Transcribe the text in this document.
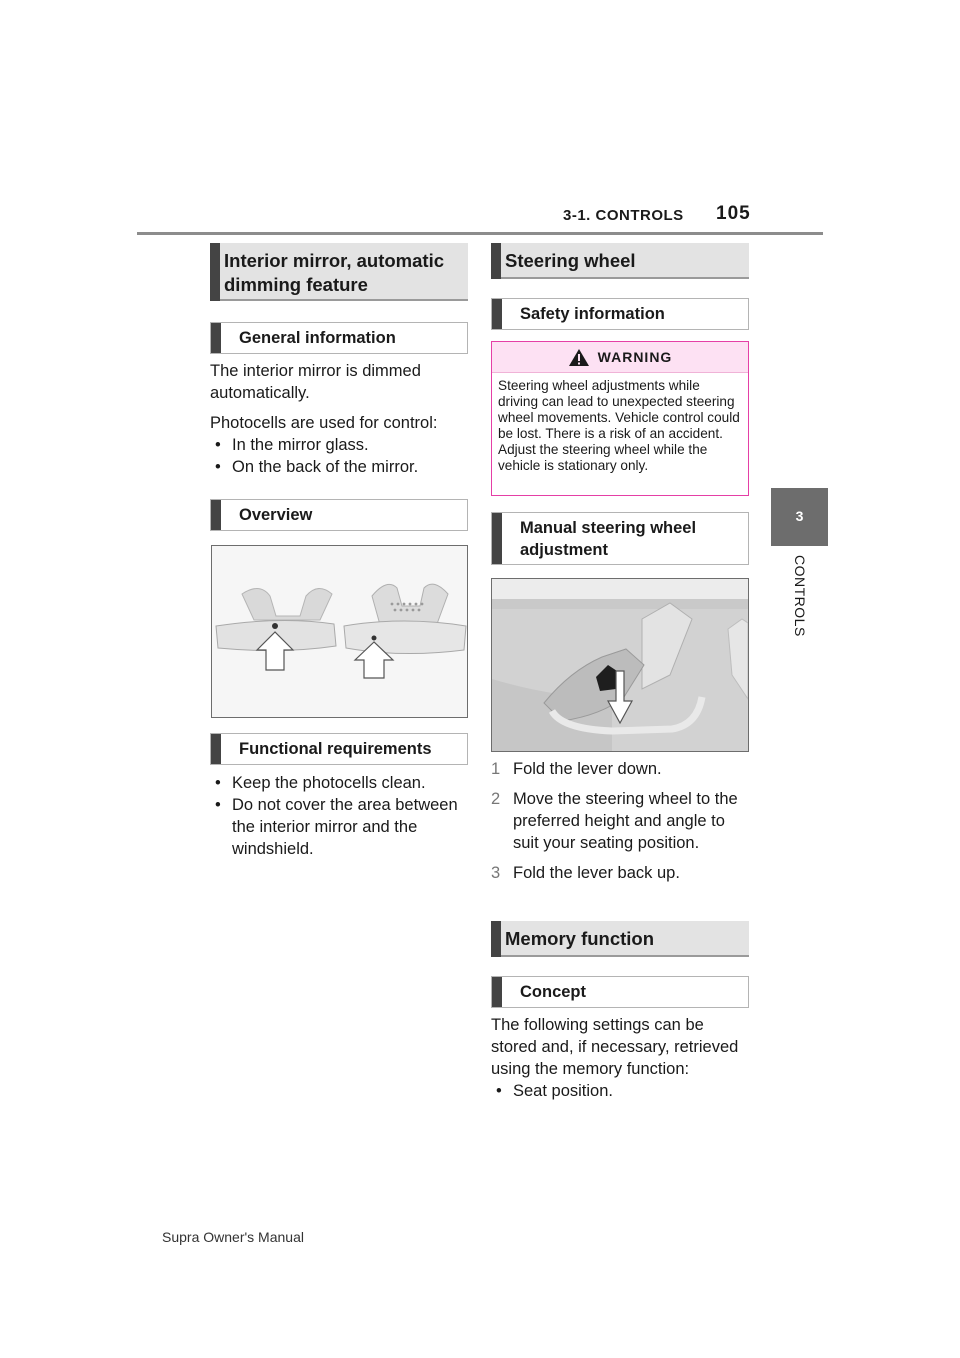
3-1. CONTROLS 105
3
CONTROLS
Interior mirror, automatic dimming feature
General information

The interior mirror is dimmed automatically.

Photocells are used for control:

• In the mirror glass.

• On the back of the mirror.

Overview
Functional requirements

• Keep the photocells clean.

• Do not cover the area between the interior mirror and the windshield.

Steering wheel
Safety information
WARNING
Steering wheel adjustments while driving can lead to unexpected steering wheel movements. Vehicle control could be lost. There is a risk of an accident. Adjust the steering wheel while the vehicle is stationary only.
Manual steering wheel adjustment
1 Fold the lever down.
2 Move the steering wheel to the preferred height and angle to suit your seating position.
3 Fold the lever back up.
Memory function
Concept

The following settings can be stored and, if necessary, retrieved using the memory function:

• Seat position.

Supra Owner's Manual
